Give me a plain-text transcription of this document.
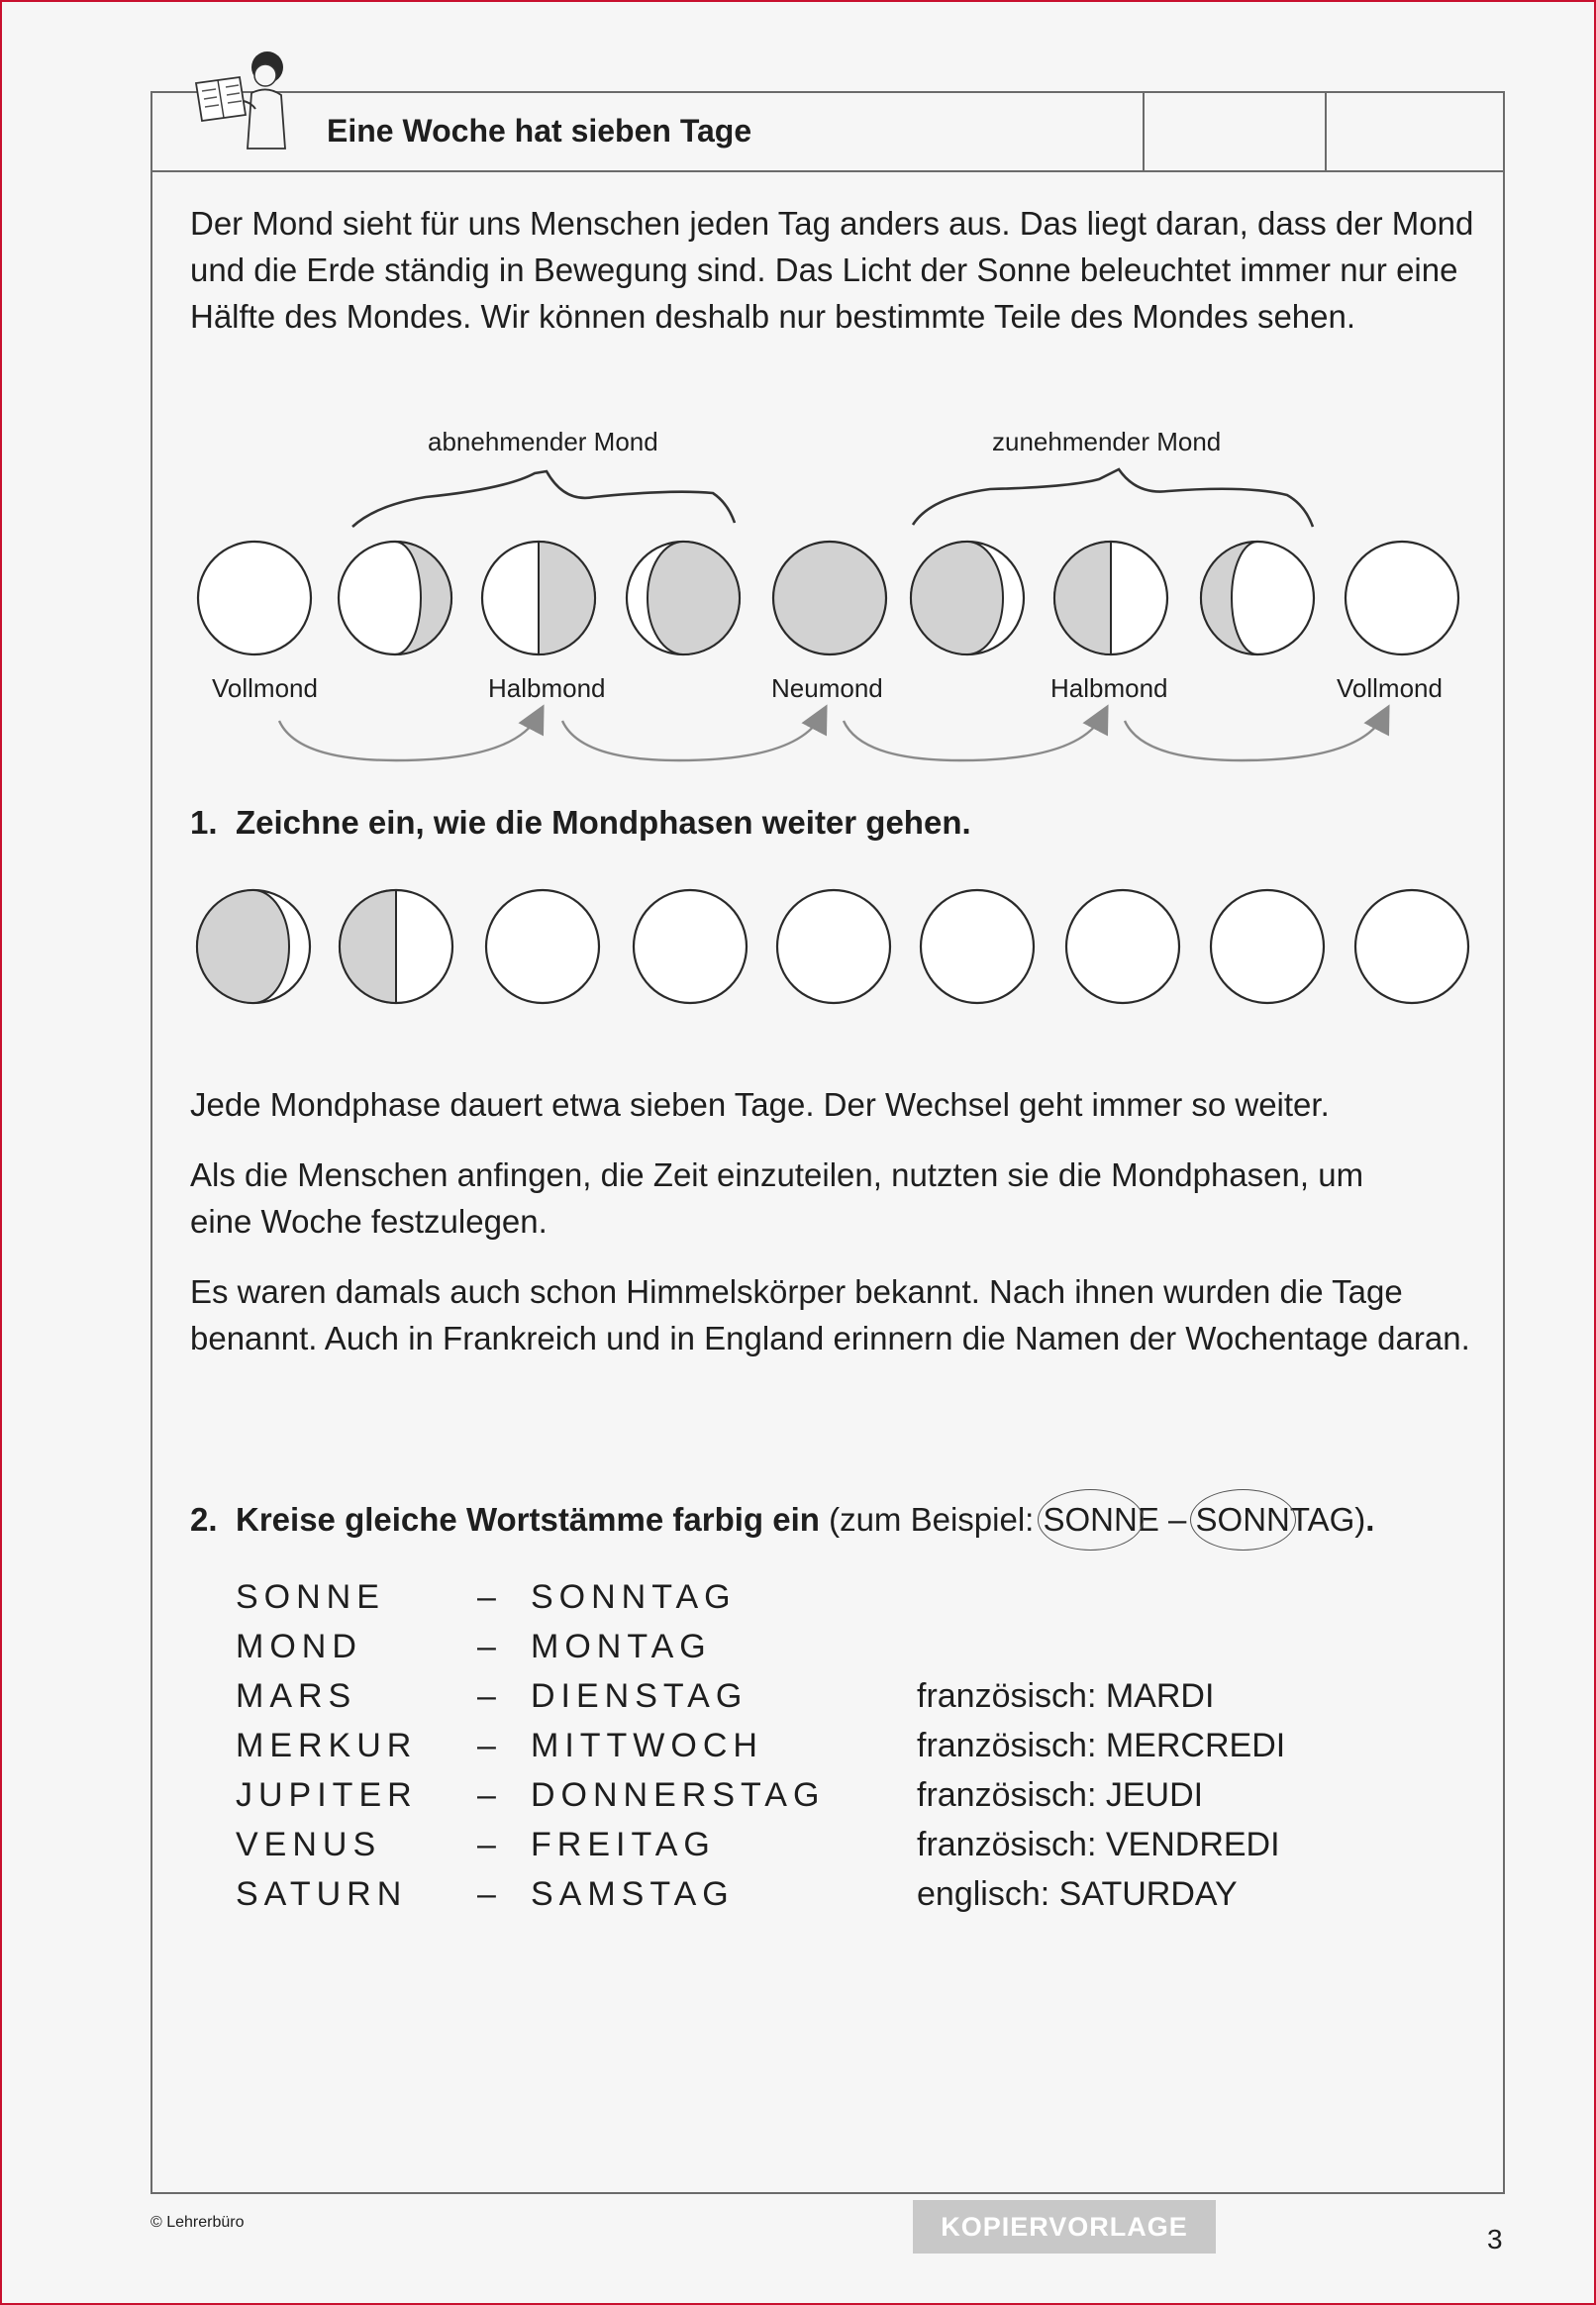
Eine Woche hat sieben Tage
Der Mond sieht für uns Menschen jeden Tag anders aus. Das liegt daran, dass der Mond und die Erde ständig in Bewegung sind. Das Licht der Sonne beleuchtet immer nur eine Hälfte des Mondes. Wir können deshalb nur bestimmte Teile des Mondes sehen.
abnehmender Mond	zunehmender Mond
Vollmond	Halbmond	Neumond	Halbmond	Vollmond
1. Zeichne ein, wie die Mondphasen weiter gehen.
Jede Mondphase dauert etwa sieben Tage. Der Wechsel geht immer so weiter.
Als die Menschen anfingen, die Zeit einzuteilen, nutzten sie die Mondphasen, um eine Woche festzulegen.
Es waren damals auch schon Himmelskörper bekannt. Nach ihnen wurden die Tage benannt. Auch in Frankreich und in England erinnern die Namen der Wochentage daran.
2. Kreise gleiche Wortstämme farbig ein (zum Beispiel: SONNE – SONNTAG).
SONNE	–	SONNTAG	
MOND	–	MONTAG	
MARS	–	DIENSTAG	französisch: MARDI
MERKUR	–	MITTWOCH	französisch: MERCREDI
JUPITER	–	DONNERSTAG	französisch: JEUDI
VENUS	–	FREITAG	französisch: VENDREDI
SATURN	–	SAMSTAG	englisch: SATURDAY
© Lehrerbüro	KOPIERVORLAGE	3
